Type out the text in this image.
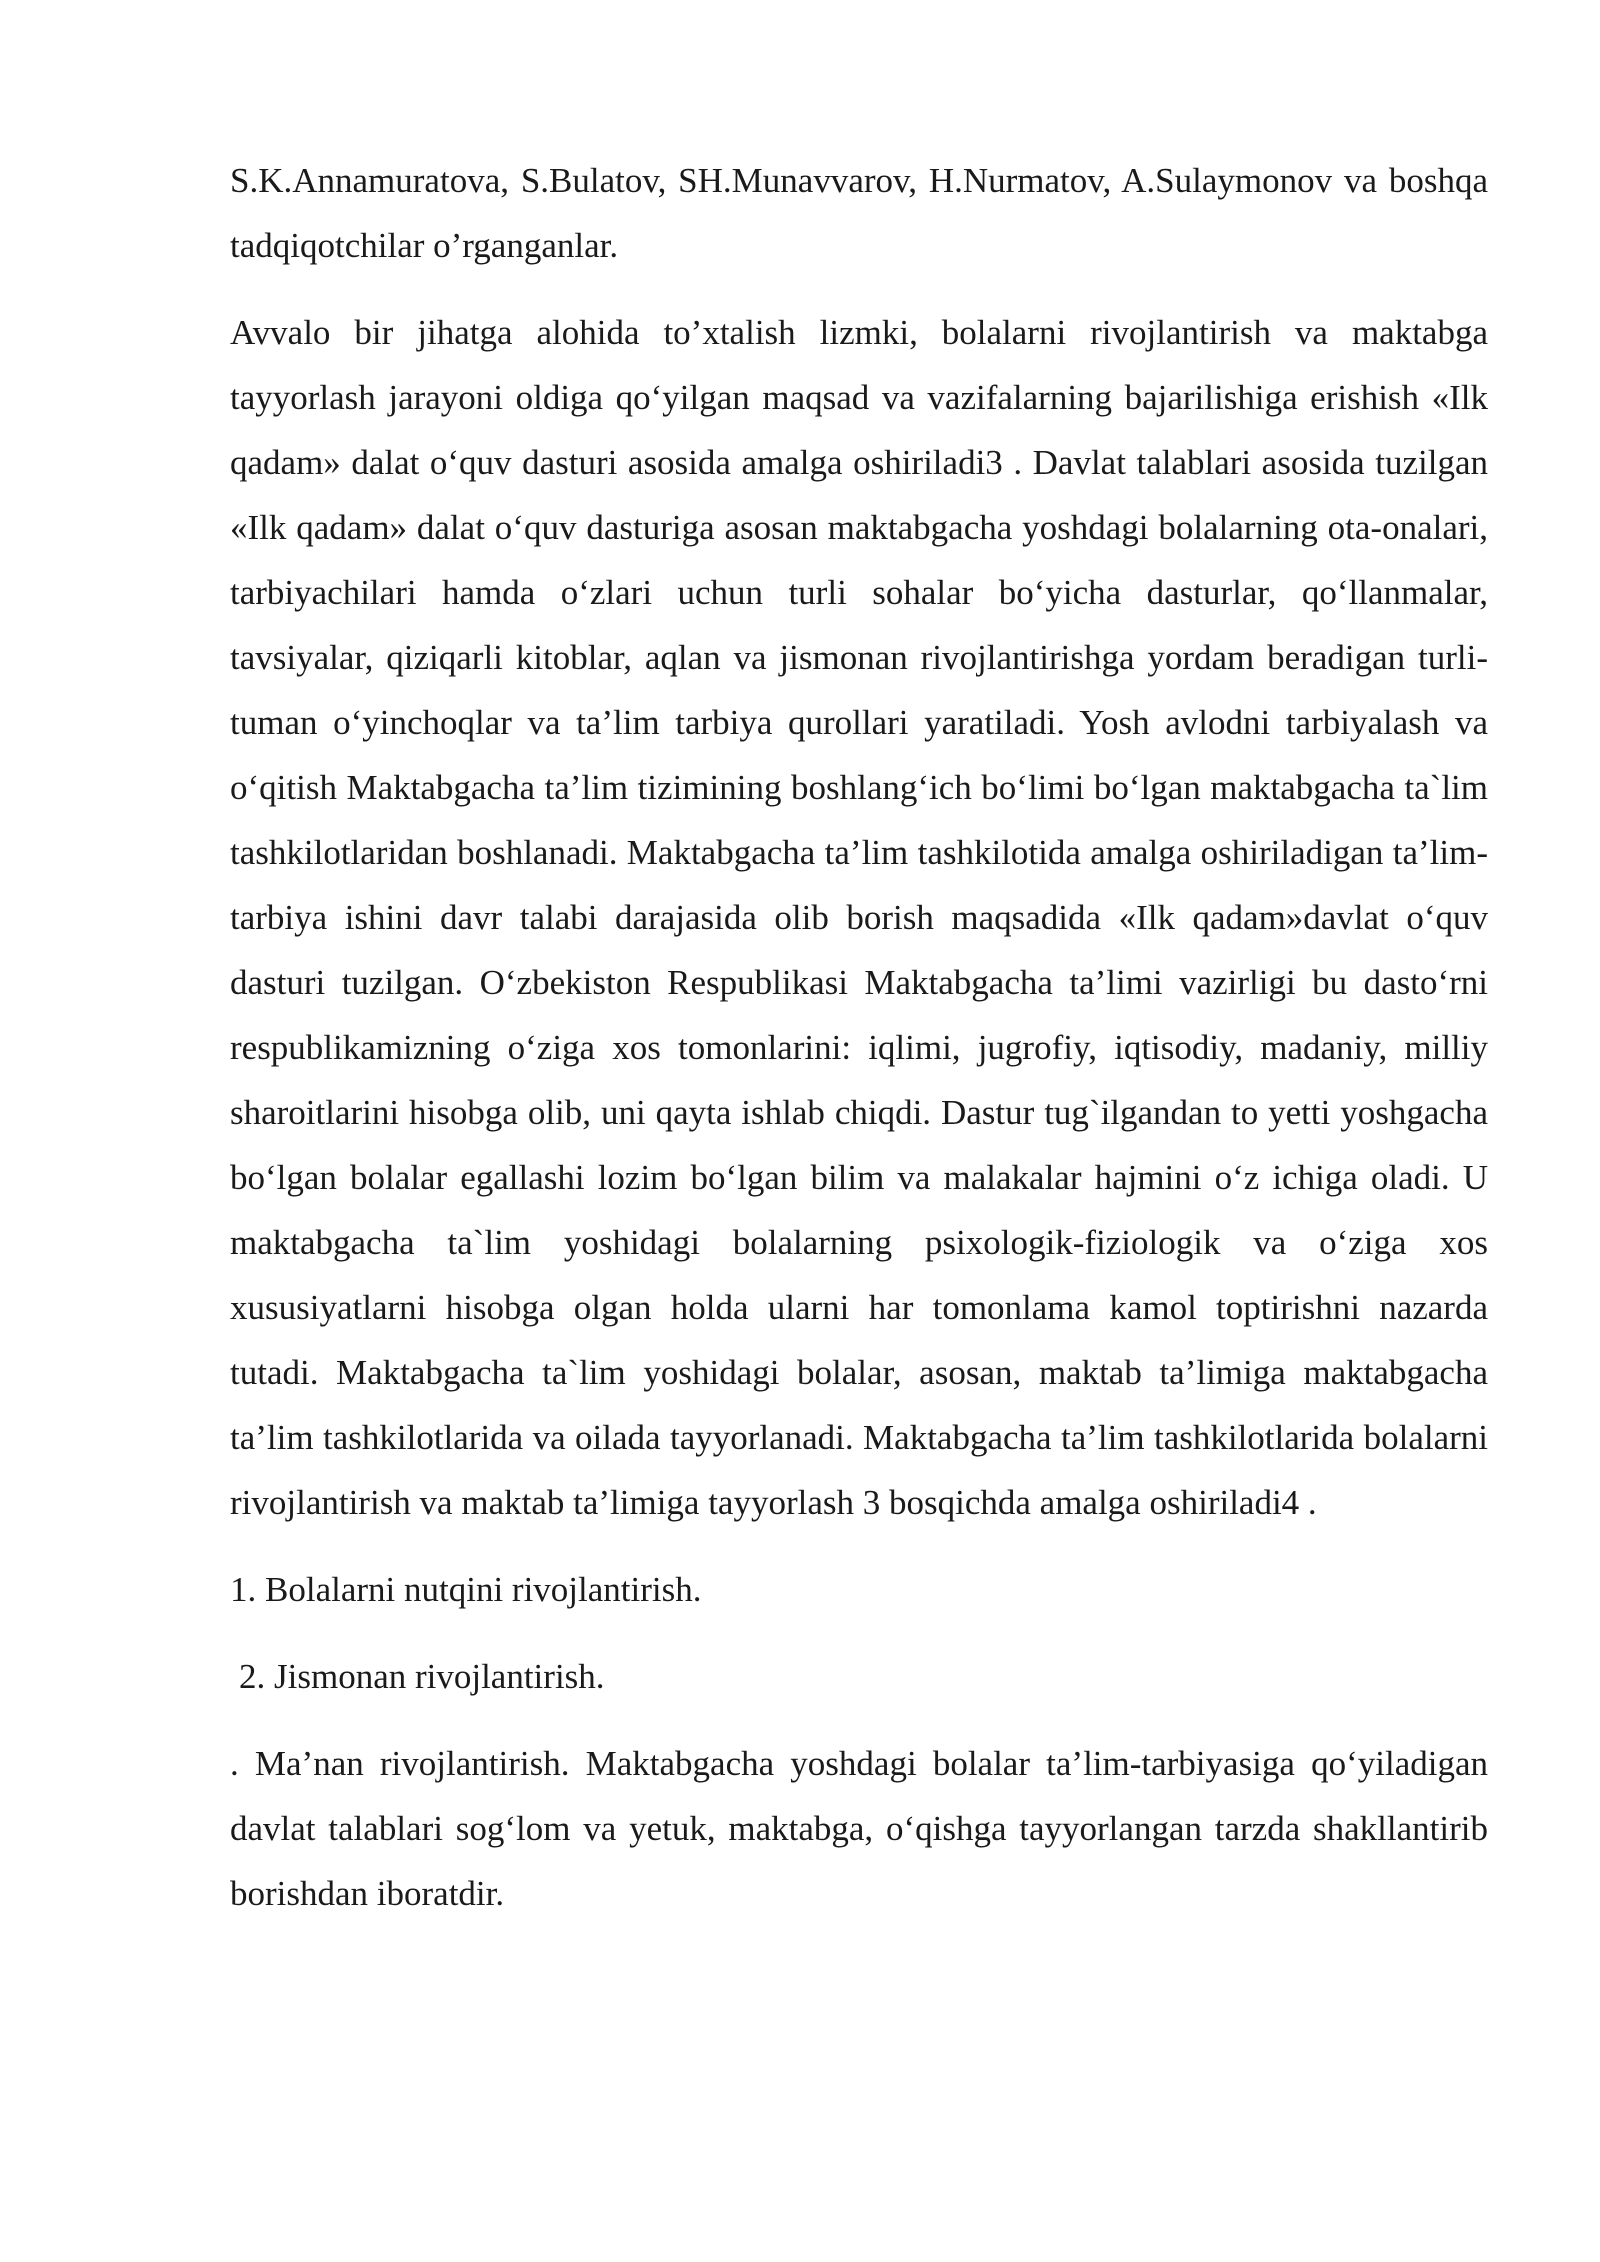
S.K.Annamuratova, S.Bulatov, SH.Munavvarov, H.Nurmatov, A.Sulaymonov va boshqa tadqiqotchilar o’rganganlar.

Avvalo bir jihatga alohida to’xtalish lizmki, bolalarni rivojlantirish va maktabga tayyorlash jarayoni oldiga qo‘yilgan maqsad va vazifalarning bajarilishiga erishish «Ilk qadam» dalat o‘quv dasturi asosida amalga oshiriladi3 . Davlat talablari asosida tuzilgan «Ilk qadam» dalat o‘quv dasturiga asosan maktabgacha yoshdagi bolalarning ota-onalari, tarbiyachilari hamda o‘zlari uchun turli sohalar bo‘yicha dasturlar, qo‘llanmalar, tavsiyalar, qiziqarli kitoblar, aqlan va jismonan rivojlantirishga yordam beradigan turli-tuman o‘yinchoqlar va ta’lim tarbiya qurollari yaratiladi. Yosh avlodni tarbiyalash va o‘qitish Maktabgacha ta’lim tizimining boshlang‘ich bo‘limi bo‘lgan maktabgacha ta`lim tashkilotlaridan boshlanadi. Maktabgacha ta’lim tashkilotida amalga oshiriladigan ta’lim-tarbiya ishini davr talabi darajasida olib borish maqsadida «Ilk qadam»davlat o‘quv dasturi tuzilgan. O‘zbekiston Respublikasi Maktabgacha ta’limi vazirligi bu dasto‘rni respublikamizning o‘ziga xos tomonlarini: iqlimi, jugrofiy, iqtisodiy, madaniy, milliy sharoitlarini hisobga olib, uni qayta ishlab chiqdi. Dastur tug`ilgandan to yetti yoshgacha bo‘lgan bolalar egallashi lozim bo‘lgan bilim va malakalar hajmini o‘z ichiga oladi. U maktabgacha ta`lim yoshidagi bolalarning psixologik-fiziologik va o‘ziga xos xususiyatlarni hisobga olgan holda ularni har tomonlama kamol toptirishni nazarda tutadi. Maktabgacha ta`lim yoshidagi bolalar, asosan, maktab ta’limiga maktabgacha ta’lim tashkilotlarida va oilada tayyorlanadi. Maktabgacha ta’lim tashkilotlarida bolalarni rivojlantirish va maktab ta’limiga tayyorlash 3 bosqichda amalga oshiriladi4 .

1. Bolalarni nutqini rivojlantirish.

2. Jismonan rivojlantirish.

. Ma’nan rivojlantirish. Maktabgacha yoshdagi bolalar ta’lim-tarbiyasiga qo‘yiladigan davlat talablari sog‘lom va yetuk, maktabga, o‘qishga tayyorlangan tarzda shakllantirib borishdan iboratdir.
